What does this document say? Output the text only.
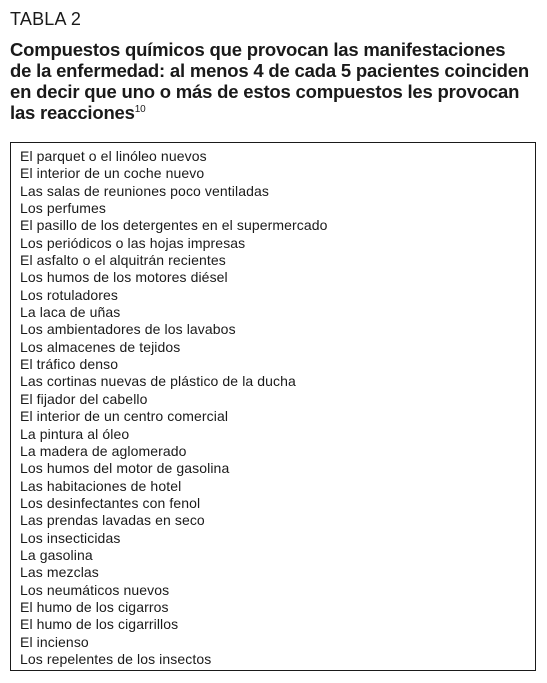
TABLA 2
Compuestos químicos que provocan las manifestaciones de la enfermedad: al menos 4 de cada 5 pacientes coinciden en decir que uno o más de estos compuestos les provocan las reacciones$^{10}$
El parquet o el linóleo nuevos
El interior de un coche nuevo
Las salas de reuniones poco ventiladas
Los perfumes
El pasillo de los detergentes en el supermercado
Los periódicos o las hojas impresas
El asfalto o el alquitrán recientes
Los humos de los motores diésel
Los rotuladores
La laca de uñas
Los ambientadores de los lavabos
Los almacenes de tejidos
El tráfico denso
Las cortinas nuevas de plástico de la ducha
El fijador del cabello
El interior de un centro comercial
La pintura al óleo
La madera de aglomerado
Los humos del motor de gasolina
Las habitaciones de hotel
Los desinfectantes con fenol
Las prendas lavadas en seco
Los insecticidas
La gasolina
Las mezclas
Los neumáticos nuevos
El humo de los cigarros
El humo de los cigarrillos
El incienso
Los repelentes de los insectos
